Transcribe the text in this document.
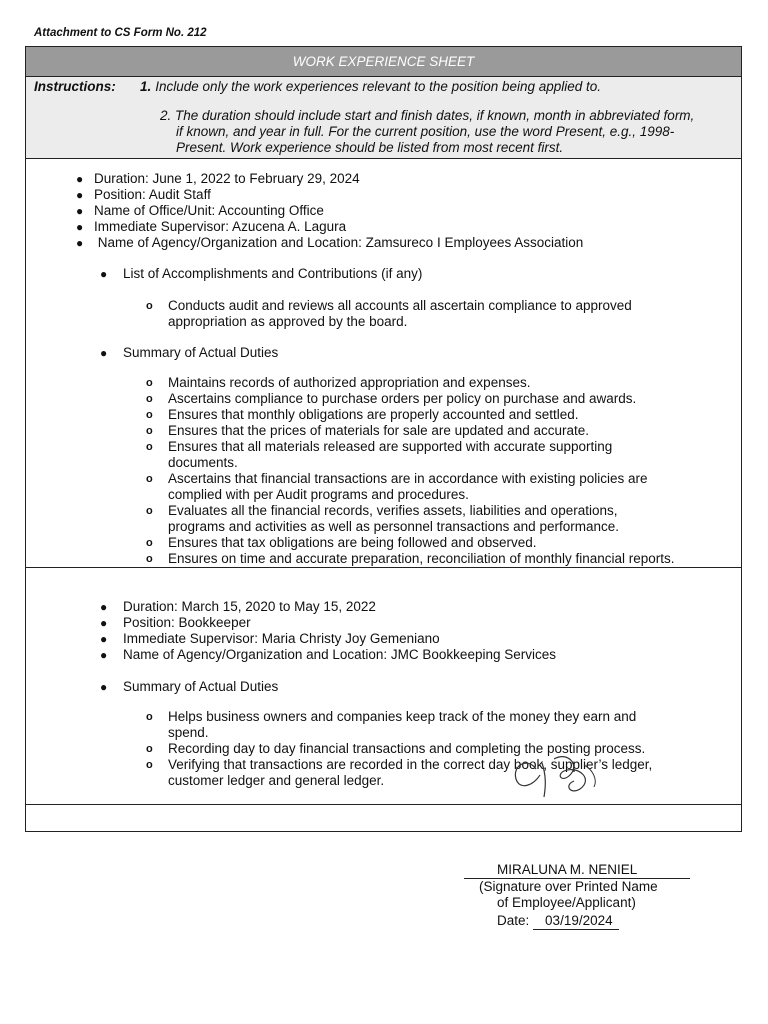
Attachment to CS Form No. 212
WORK EXPERIENCE SHEET
Instructions: 1. Include only the work experiences relevant to the position being applied to.
2. The duration should include start and finish dates, if known, month in abbreviated form,
if known, and year in full. For the current position, use the word Present, e.g., 1998-
Present. Work experience should be listed from most recent first.
● Duration: June 1, 2022 to February 29, 2024
● Position: Audit Staff
● Name of Office/Unit: Accounting Office
● Immediate Supervisor: Azucena A. Lagura
● Name of Agency/Organization and Location: Zamsureco I Employees Association
● List of Accomplishments and Contributions (if any)
o Conducts audit and reviews all accounts all ascertain compliance to approved
appropriation as approved by the board.
● Summary of Actual Duties
o Maintains records of authorized appropriation and expenses.
o Ascertains compliance to purchase orders per policy on purchase and awards.
o Ensures that monthly obligations are properly accounted and settled.
o Ensures that the prices of materials for sale are updated and accurate.
o Ensures that all materials released are supported with accurate supporting
documents.
o Ascertains that financial transactions are in accordance with existing policies are
complied with per Audit programs and procedures.
o Evaluates all the financial records, verifies assets, liabilities and operations,
programs and activities as well as personnel transactions and performance.
o Ensures that tax obligations are being followed and observed.
o Ensures on time and accurate preparation, reconciliation of monthly financial reports.
● Duration: March 15, 2020 to May 15, 2022
● Position: Bookkeeper
● Immediate Supervisor: Maria Christy Joy Gemeniano
● Name of Agency/Organization and Location: JMC Bookkeeping Services
● Summary of Actual Duties
o Helps business owners and companies keep track of the money they earn and
spend.
o Recording day to day financial transactions and completing the posting process.
o Verifying that transactions are recorded in the correct day book, supplier’s ledger,
customer ledger and general ledger.
MIRALUNA M. NENIEL
(Signature over Printed Name
of Employee/Applicant)
Date: 03/19/2024
